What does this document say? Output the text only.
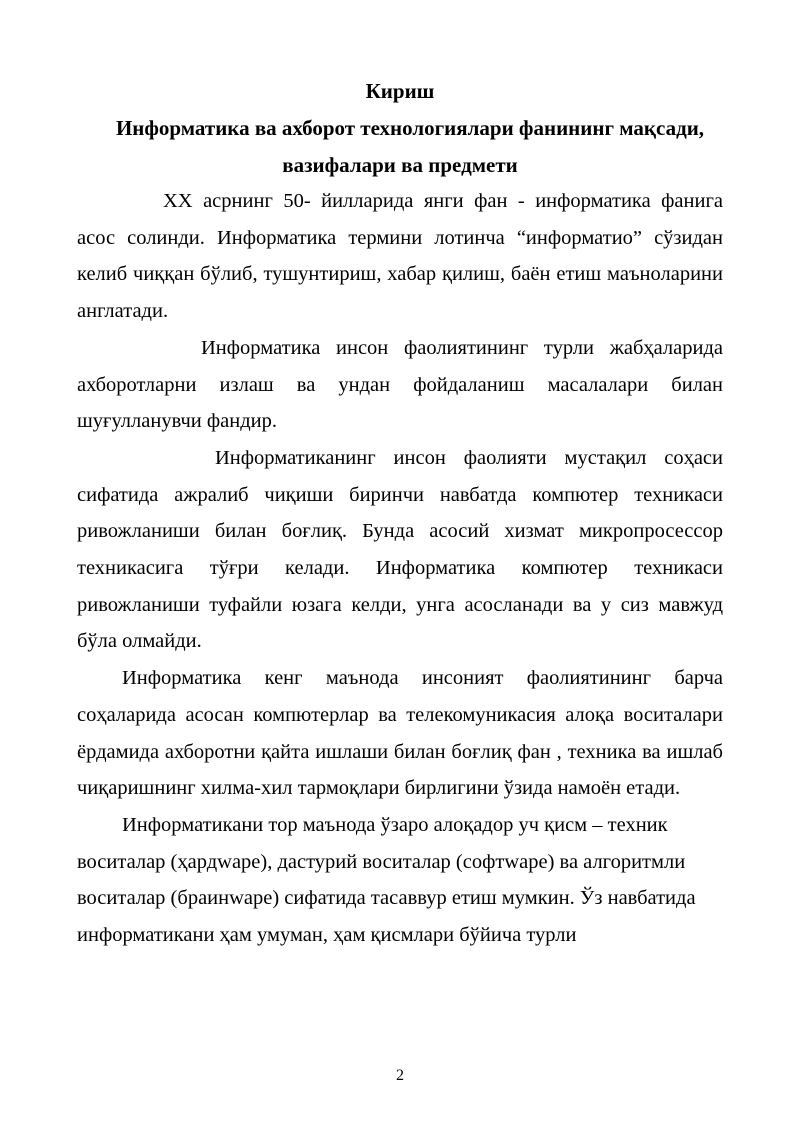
Кириш
Информатика ва ахборот технологиялари фанининг мақсади,
вазифалари ва предмети

XX асрнинг 50- йилларида янги фан - информатика фанига асос солинди. Информатика термини лотинча “информатио” сўзидан келиб чиққан бўлиб, тушунтириш, хабар қилиш, баён етиш маъноларини англатади.

Информатика инсон фаолиятининг турли жабҳаларида ахборотларни излаш ва ундан фойдаланиш масалалари билан шуғулланувчи фандир.

Информатиканинг инсон фаолияти мустақил соҳаси сифатида ажралиб чиқиши биринчи навбатда компютер техникаси ривожланиши билан боғлиқ. Бунда асосий хизмат микропросессор техникасига тўғри келади. Информатика компютер техникаси ривожланиши туфайли юзага келди, унга асосланади ва у сиз мавжуд бўла олмайди.

Информатика кенг маънода инсоният фаолиятининг барча соҳаларида асосан компютерлар ва телекомуникасия алоқа воситалари ёрдамида ахборотни қайта ишлаши билан боғлиқ фан , техника ва ишлаб чиқаришнинг хилма-хил тармоқлари бирлигини ўзида намоён етади.

Информатикани тор маънода ўзаро алоқадор уч қисм – техник воситалар (ҳардwаре), дастурий воситалар (софтwаре) ва алгоритмли воситалар (браинwаре) сифатида тасаввур етиш мумкин. Ўз навбатида информатикани ҳам умуман, ҳам қисмлари бўйича турли

2
